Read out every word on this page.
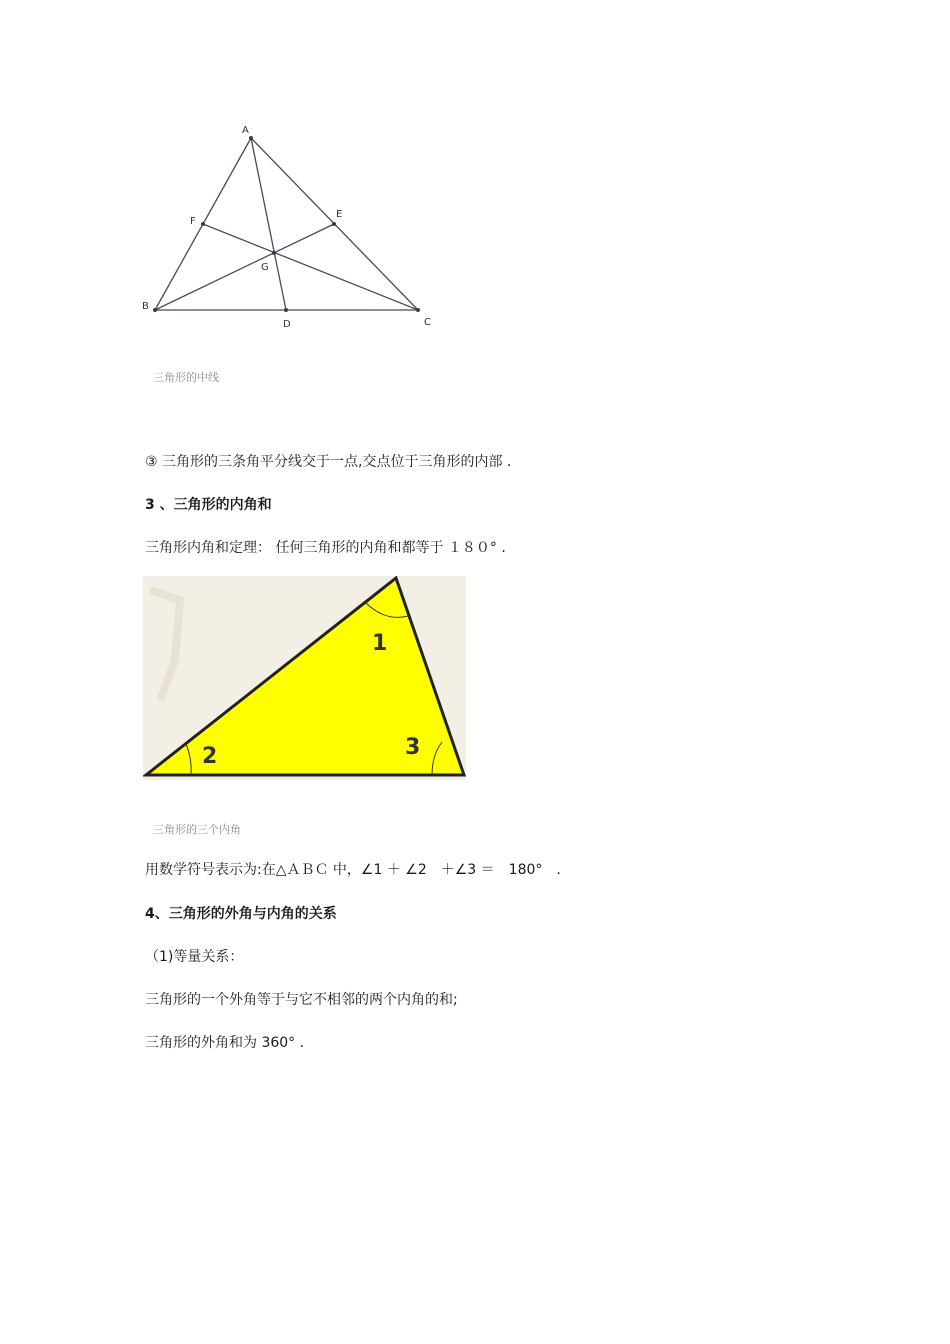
A
B
C
D
E
F
G
三角形的中线
③ 三角形的三条角平分线交于一点,交点位于三角形的内部 .
3 、三角形的内角和
三角形内角和定理： 任何三角形的内角和都等于 １８０° .
1
2	3
三角形的三个内角
用数学符号表示为:在△ＡＢＣ 中，∠1 ＋ ∠2　＋∠3 ＝　180°　.
4、三角形的外角与内角的关系
（1)等量关系：
三角形的一个外角等于与它不相邻的两个内角的和;
三角形的外角和为 360° .
